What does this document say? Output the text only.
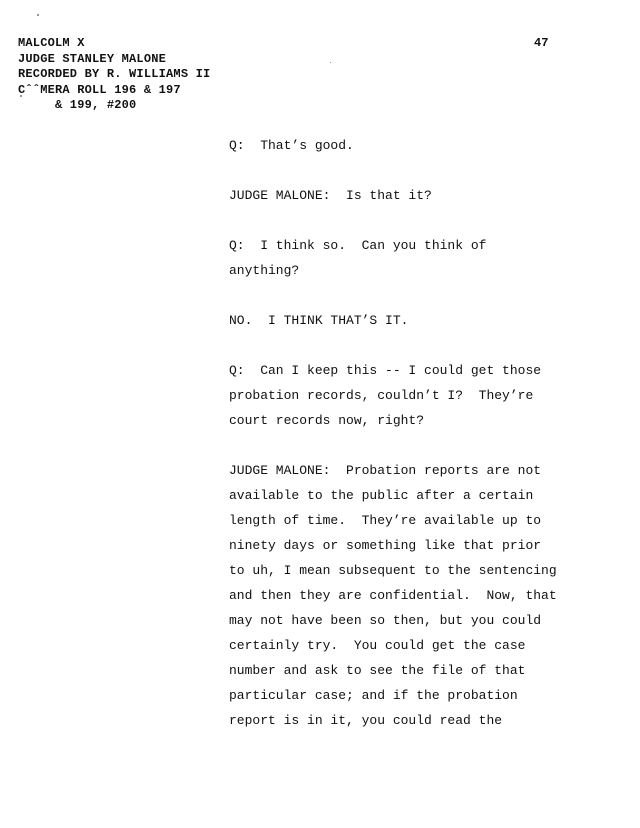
MALCOLM X
JUDGE STANLEY MALONE
RECORDED BY R. WILLIAMS II
CˆˆMERA ROLL 196 & 197
& 199, #200
47

Q:  That’s good.

JUDGE MALONE:  Is that it?

Q:  I think so.  Can you think of
anything?

NO.  I THINK THAT’S IT.

Q:  Can I keep this -- I could get those
probation records, couldn’t I?  They’re
court records now, right?

JUDGE MALONE:  Probation reports are not
available to the public after a certain
length of time.  They’re available up to
ninety days or something like that prior
to uh, I mean subsequent to the sentencing
and then they are confidential.  Now, that
may not have been so then, but you could
certainly try.  You could get the case
number and ask to see the file of that
particular case; and if the probation
report is in it, you could read the
